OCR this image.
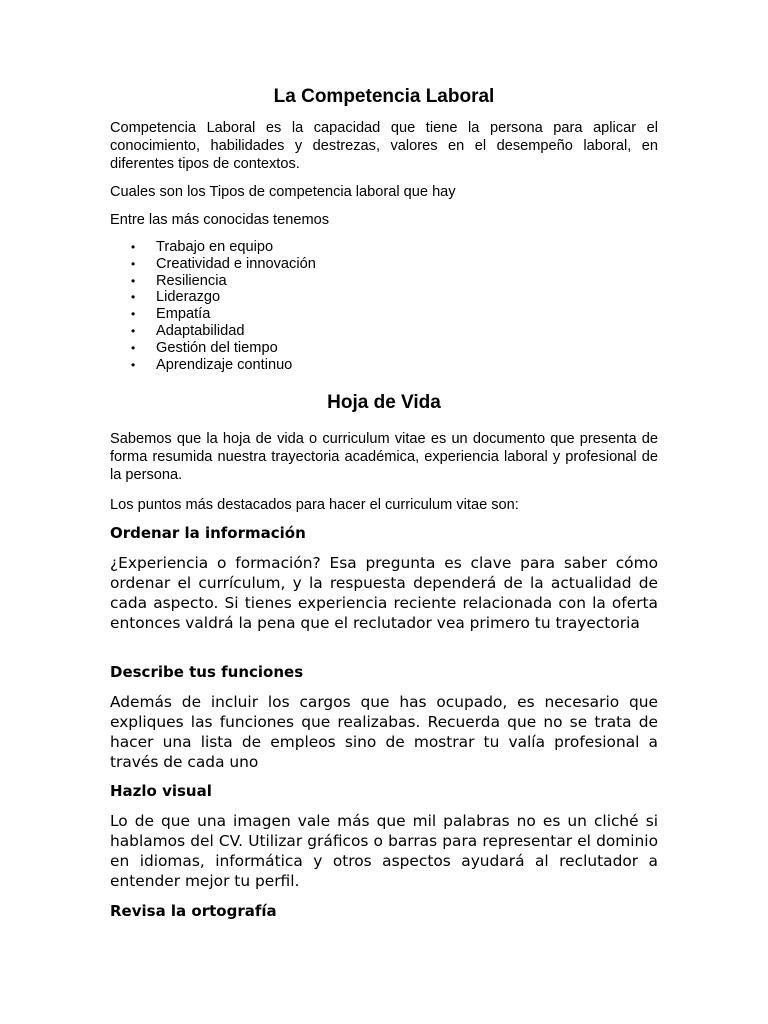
La Competencia Laboral

Competencia Laboral es la capacidad que tiene la persona para aplicar el conocimiento, habilidades y destrezas, valores en el desempeño laboral, en diferentes tipos de contextos.

Cuales son los Tipos de competencia laboral que hay

Entre las más conocidas tenemos

• Trabajo en equipo
• Creatividad e innovación
• Resiliencia
• Liderazgo
• Empatía
• Adaptabilidad
• Gestión del tiempo
• Aprendizaje continuo
Hoja de Vida

Sabemos que la hoja de vida o curriculum vitae es un documento que presenta de forma resumida nuestra trayectoria académica, experiencia laboral y profesional de la persona.

Los puntos más destacados para hacer el curriculum vitae son:

Ordenar la información

¿Experiencia o formación? Esa pregunta es clave para saber cómo ordenar el currículum, y la respuesta dependerá de la actualidad de cada aspecto. Si tienes experiencia reciente relacionada con la oferta entonces valdrá la pena que el reclutador vea primero tu trayectoria

Describe tus funciones

Además de incluir los cargos que has ocupado, es necesario que expliques las funciones que realizabas. Recuerda que no se trata de hacer una lista de empleos sino de mostrar tu valía profesional a través de cada uno

Hazlo visual

Lo de que una imagen vale más que mil palabras no es un cliché si hablamos del CV. Utilizar gráficos o barras para representar el dominio en idiomas, informática y otros aspectos ayudará al reclutador a entender mejor tu perfil.

Revisa la ortografía
